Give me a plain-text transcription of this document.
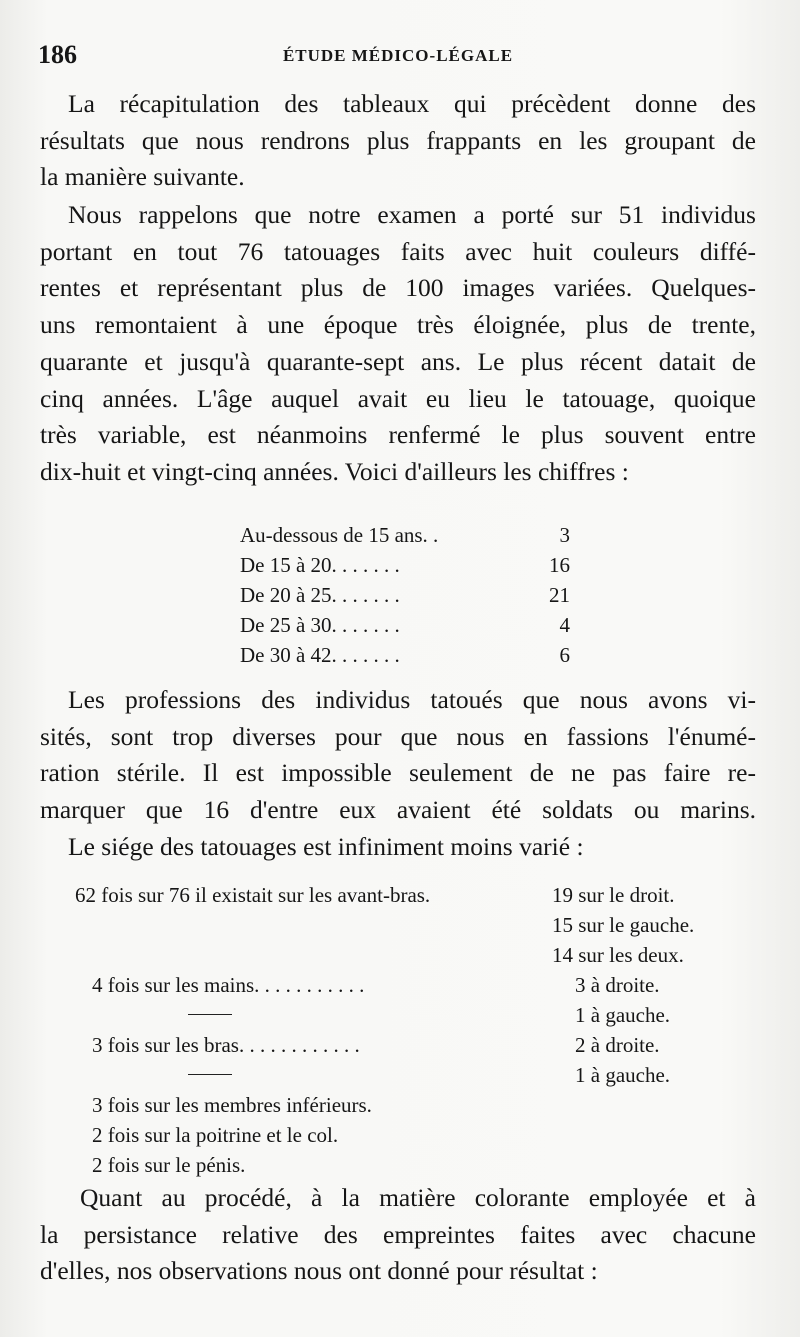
186	ÉTUDE MÉDICO-LÉGALE
La récapitulation des tableaux qui précèdent donne des
résultats que nous rendrons plus frappants en les groupant de
la manière suivante.
Nous rappelons que notre examen a porté sur 51 individus
portant en tout 76 tatouages faits avec huit couleurs diffé-
rentes et représentant plus de 100 images variées. Quelques-
uns remontaient à une époque très éloignée, plus de trente,
quarante et jusqu'à quarante-sept ans. Le plus récent datait de
cinq années. L'âge auquel avait eu lieu le tatouage, quoique
très variable, est néanmoins renfermé le plus souvent entre
dix-huit et vingt-cinq années. Voici d'ailleurs les chiffres :
Au-dessous de 15 ans. .	3
De 15 à 20. . . . . . .	16
De 20 à 25. . . . . . .	21
De 25 à 30. . . . . . .	4
De 30 à 42. . . . . . .	6
Les professions des individus tatoués que nous avons vi-
sités, sont trop diverses pour que nous en fassions l'énumé-
ration stérile. Il est impossible seulement de ne pas faire re-
marquer que 16 d'entre eux avaient été soldats ou marins.
Le siége des tatouages est infiniment moins varié :
62 fois sur 76 il existait sur les avant-bras.	19 sur le droit.
15 sur le gauche.
14 sur les deux.
4 fois sur les mains. . . . . . . . . . .	3 à droite.
1 à gauche.
3 fois sur les bras. . . . . . . . . . . .	2 à droite.
1 à gauche.
3 fois sur les membres inférieurs.
2 fois sur la poitrine et le col.
2 fois sur le pénis.
Quant au procédé, à la matière colorante employée et à
la persistance relative des empreintes faites avec chacune
d'elles, nos observations nous ont donné pour résultat :
